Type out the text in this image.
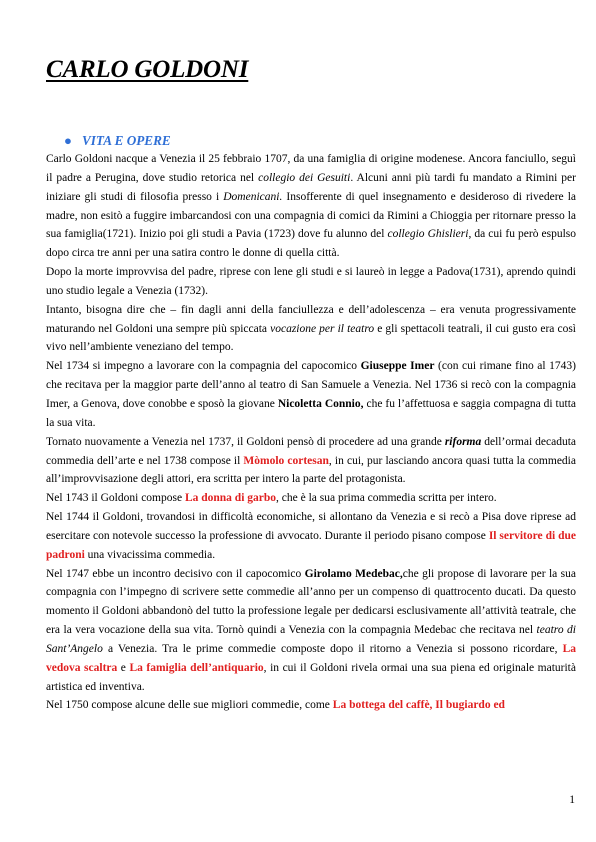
CARLO GOLDONI
● VITA E OPERE

Carlo Goldoni nacque a Venezia il 25 febbraio 1707, da una famiglia di origine modenese. Ancora fanciullo, seguì il padre a Perugina, dove studio retorica nel collegio dei Gesuiti. Alcuni anni più tardi fu mandato a Rimini per iniziare gli studi di filosofia presso i Domenicani. Insofferente di quel insegnamento e desideroso di rivedere la madre, non esitò a fuggire imbarcandosi con una compagnia di comici da Rimini a Chioggia per ritornare presso la sua famiglia(1721). Inizio poi gli studi a Pavia (1723) dove fu alunno del collegio Ghislieri, da cui fu però espulso dopo circa tre anni per una satira contro le donne di quella città.

Dopo la morte improvvisa del padre, riprese con lene gli studi e si laureò in legge a Padova(1731), aprendo quindi uno studio legale a Venezia (1732).

Intanto, bisogna dire che – fin dagli anni della fanciullezza e dell’adolescenza – era venuta progressivamente maturando nel Goldoni una sempre più spiccata vocazione per il teatro e gli spettacoli teatrali, il cui gusto era così vivo nell’ambiente veneziano del tempo.

Nel 1734 si impegno a lavorare con la compagnia del capocomico Giuseppe Imer (con cui rimane fino al 1743) che recitava per la maggior parte dell’anno al teatro di San Samuele a Venezia. Nel 1736 si recò con la compagnia Imer, a Genova, dove conobbe e sposò la giovane Nicoletta Connio, che fu l’affettuosa e saggia compagna di tutta la sua vita.

Tornato nuovamente a Venezia nel 1737, il Goldoni pensò di procedere ad una grande riforma dell’ormai decaduta commedia dell’arte e nel 1738 compose il Mòmolo cortesan, in cui, pur lasciando ancora quasi tutta la commedia all’improvvisazione degli attori, era scritta per intero la parte del protagonista.

Nel 1743 il Goldoni compose La donna di garbo, che è la sua prima commedia scritta per intero.

Nel 1744 il Goldoni, trovandosi in difficoltà economiche, si allontano da Venezia e si recò a Pisa dove riprese ad esercitare con notevole successo la professione di avvocato. Durante il periodo pisano compose Il servitore di due padroni una vivacissima commedia.

Nel 1747 ebbe un incontro decisivo con il capocomico Girolamo Medebac,che gli propose di lavorare per la sua compagnia con l’impegno di scrivere sette commedie all’anno per un compenso di quattrocento ducati. Da questo momento il Goldoni abbandonò del tutto la professione legale per dedicarsi esclusivamente all’attività teatrale, che era la vera vocazione della sua vita. Tornò quindi a Venezia con la compagnia Medebac che recitava nel teatro di Sant’Angelo a Venezia. Tra le prime commedie composte dopo il ritorno a Venezia si possono ricordare, La vedova scaltra e La famiglia dell’antiquario, in cui il Goldoni rivela ormai una sua piena ed originale maturità artistica ed inventiva.

Nel 1750 compose alcune delle sue migliori commedie, come La bottega del caffè, Il bugiardo ed

1
